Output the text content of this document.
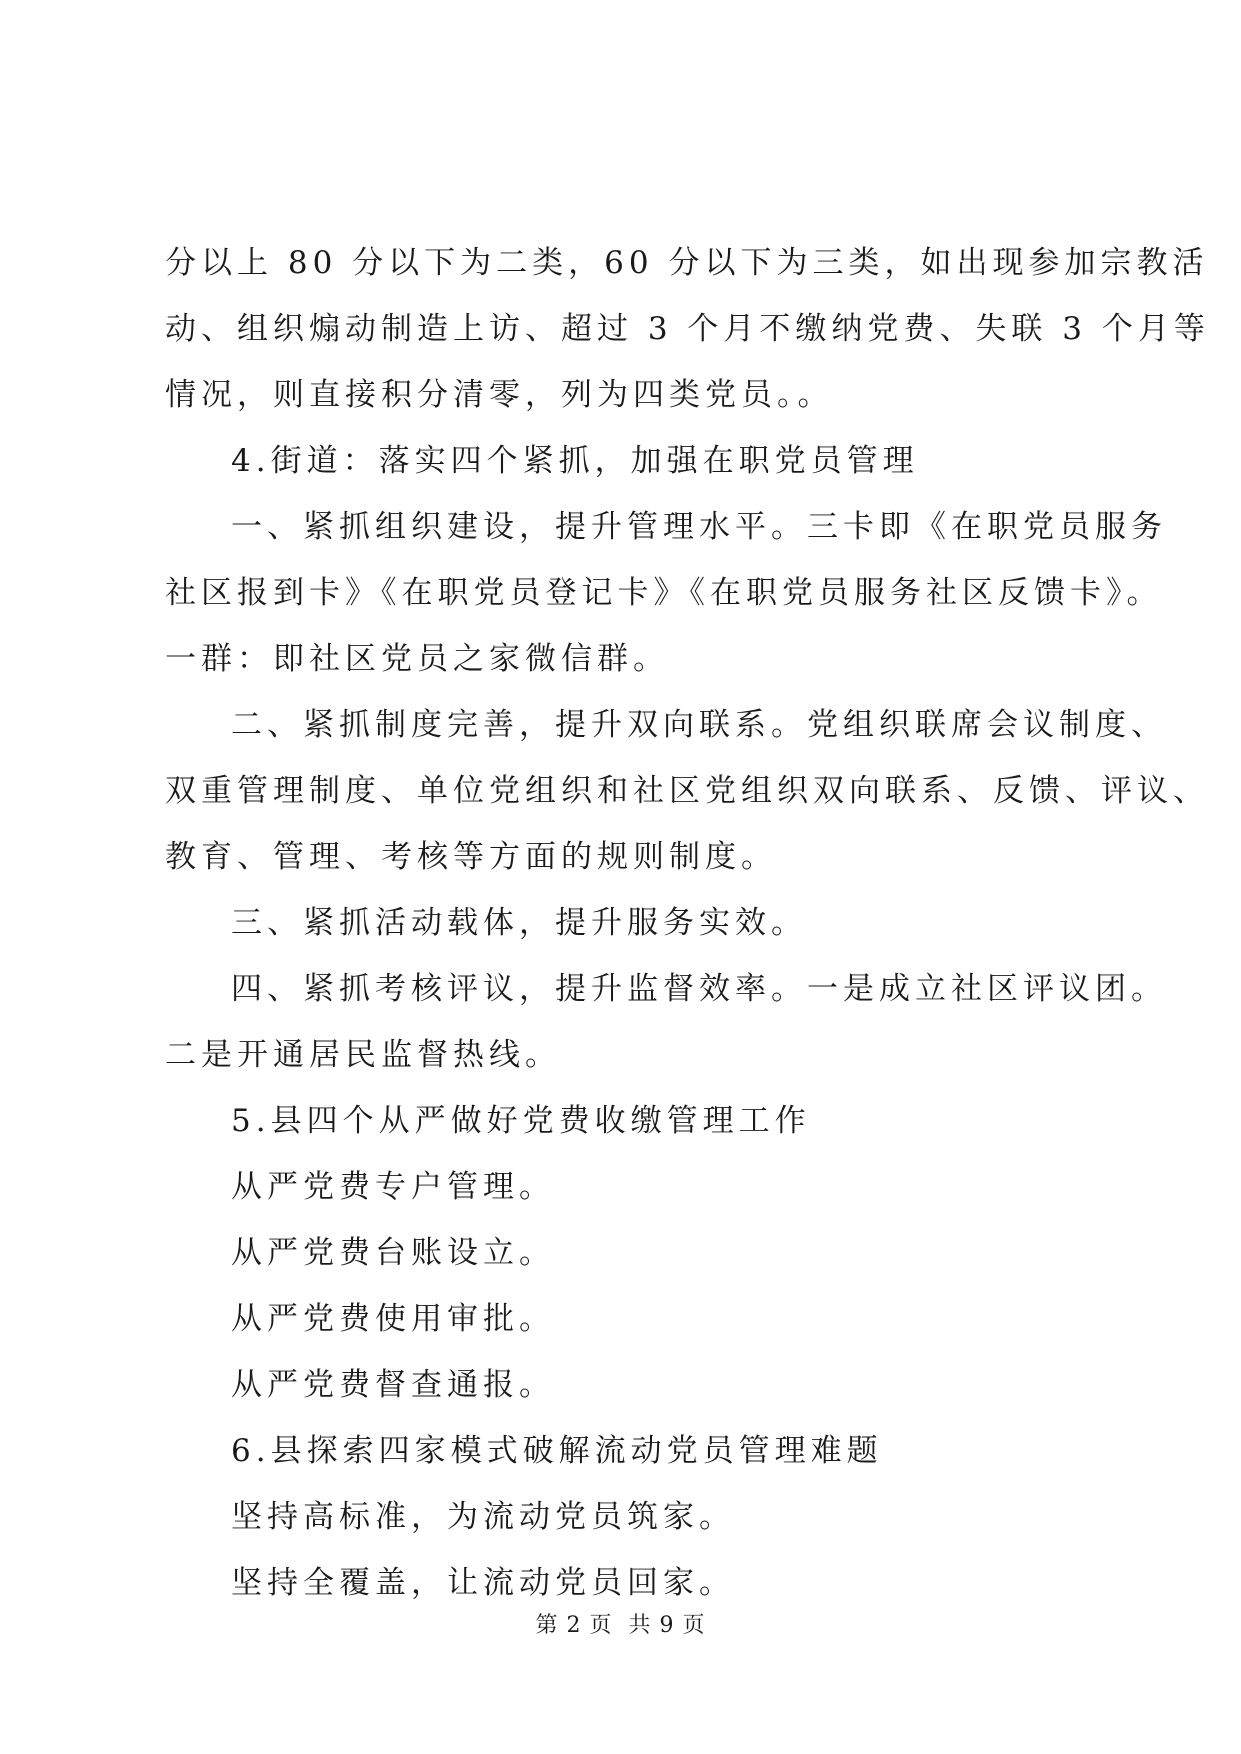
分以上 80 分以下为二类，60 分以下为三类，如出现参加宗教活
动、组织煽动制造上访、超过 3 个月不缴纳党费、失联 3 个月等
情况，则直接积分清零，列为四类党员。。

4.街道：落实四个紧抓，加强在职党员管理

一、紧抓组织建设，提升管理水平。三卡即《在职党员服务
社区报到卡》《在职党员登记卡》《在职党员服务社区反馈卡》。
一群：即社区党员之家微信群。

二、紧抓制度完善，提升双向联系。党组织联席会议制度、
双重管理制度、单位党组织和社区党组织双向联系、反馈、评议、
教育、管理、考核等方面的规则制度。

三、紧抓活动载体，提升服务实效。

四、紧抓考核评议，提升监督效率。一是成立社区评议团。
二是开通居民监督热线。

5.县四个从严做好党费收缴管理工作

从严党费专户管理。

从严党费台账设立。

从严党费使用审批。

从严党费督查通报。

6.县探索四家模式破解流动党员管理难题

坚持高标准，为流动党员筑家。

坚持全覆盖，让流动党员回家。

第 2 页  共 9 页
